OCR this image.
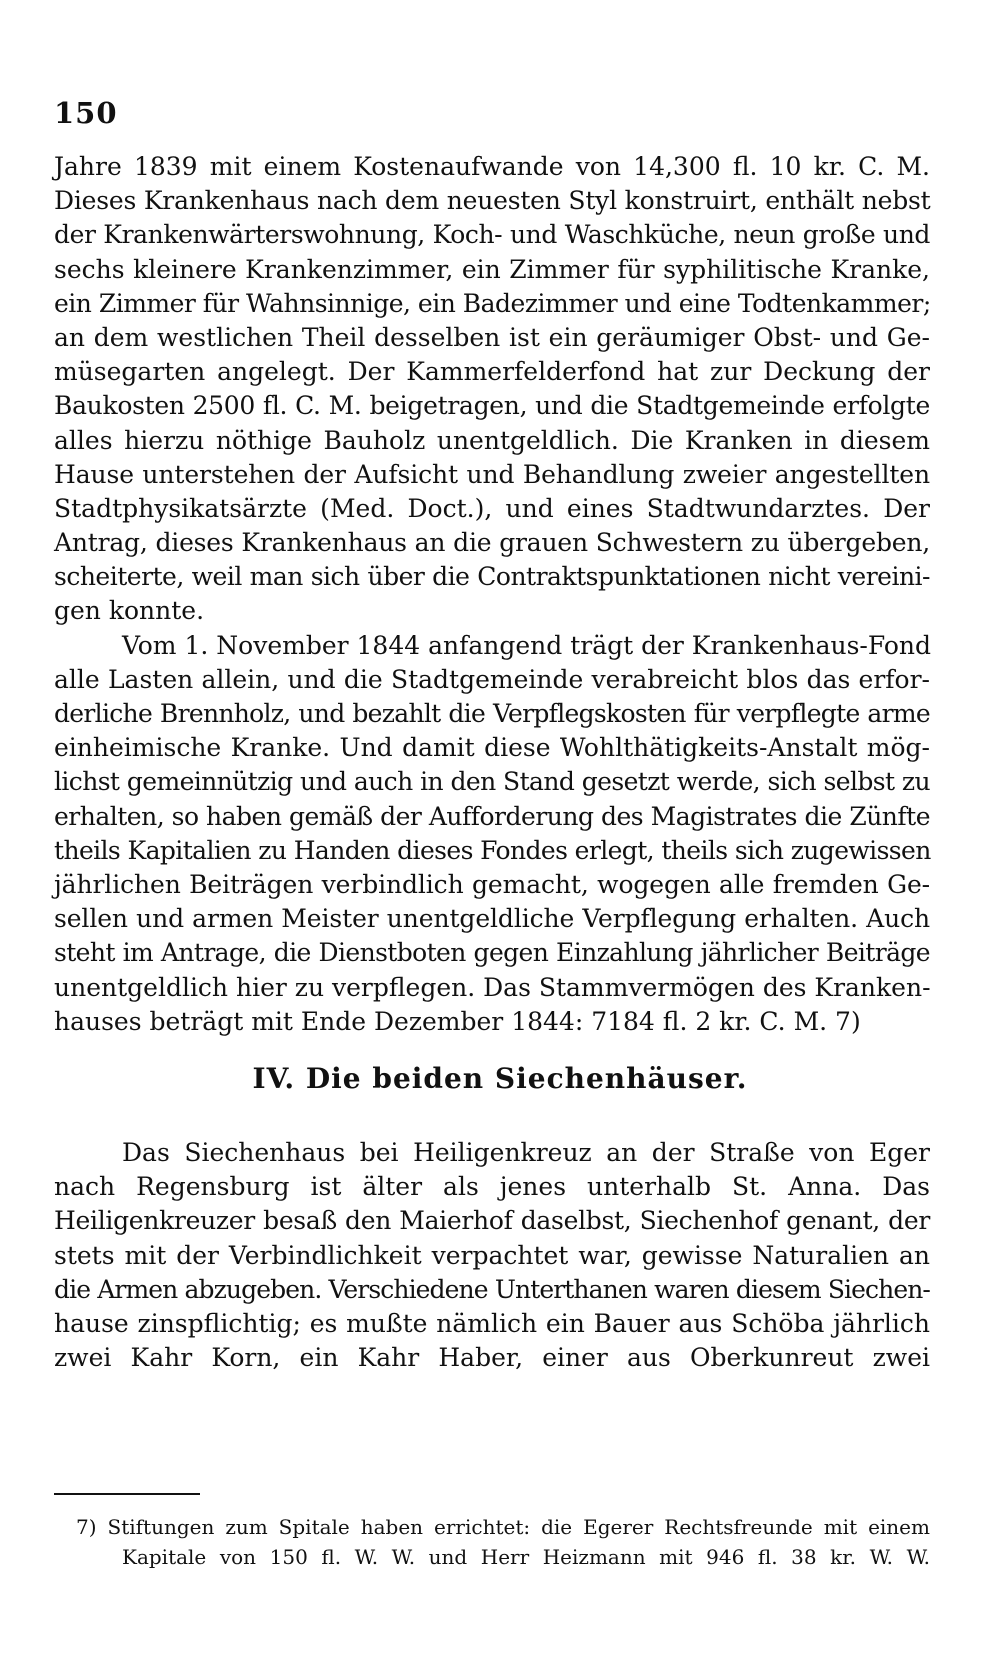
150
Jahre 1839 mit einem Kostenaufwande von 14,300 fl. 10 kr. C. M.
Dieses Krankenhaus nach dem neuesten Styl konstruirt, enthält nebst
der Krankenwärterswohnung, Koch- und Waschküche, neun große und
sechs kleinere Krankenzimmer, ein Zimmer für syphilitische Kranke,
ein Zimmer für Wahnsinnige, ein Badezimmer und eine Todtenkammer;
an dem westlichen Theil desselben ist ein geräumiger Obst- und Ge-
müsegarten angelegt. Der Kammerfelderfond hat zur Deckung der
Baukosten 2500 fl. C. M. beigetragen, und die Stadtgemeinde erfolgte
alles hierzu nöthige Bauholz unentgeldlich. Die Kranken in diesem
Hause unterstehen der Aufsicht und Behandlung zweier angestellten
Stadtphysikatsärzte (Med. Doct.), und eines Stadtwundarztes. Der
Antrag, dieses Krankenhaus an die grauen Schwestern zu übergeben,
scheiterte, weil man sich über die Contraktspunktationen nicht vereini-
gen konnte.
Vom 1. November 1844 anfangend trägt der Krankenhaus-Fond
alle Lasten allein, und die Stadtgemeinde verabreicht blos das erfor-
derliche Brennholz, und bezahlt die Verpflegskosten für verpflegte arme
einheimische Kranke. Und damit diese Wohlthätigkeits-Anstalt mög-
lichst gemeinnützig und auch in den Stand gesetzt werde, sich selbst zu
erhalten, so haben gemäß der Aufforderung des Magistrates die Zünfte
theils Kapitalien zu Handen dieses Fondes erlegt, theils sich zugewissen
jährlichen Beiträgen verbindlich gemacht, wogegen alle fremden Ge-
sellen und armen Meister unentgeldliche Verpflegung erhalten. Auch
steht im Antrage, die Dienstboten gegen Einzahlung jährlicher Beiträge
unentgeldlich hier zu verpflegen. Das Stammvermögen des Kranken-
hauses beträgt mit Ende Dezember 1844: 7184 fl. 2 kr. C. M. 7)
IV. Die beiden Siechenhäuser.
Das Siechenhaus bei Heiligenkreuz an der Straße von Eger
nach Regensburg ist älter als jenes unterhalb St. Anna. Das
Heiligenkreuzer besaß den Maierhof daselbst, Siechenhof genant, der
stets mit der Verbindlichkeit verpachtet war, gewisse Naturalien an
die Armen abzugeben. Verschiedene Unterthanen waren diesem Siechen-
hause zinspflichtig; es mußte nämlich ein Bauer aus Schöba jährlich
zwei Kahr Korn, ein Kahr Haber, einer aus Oberkunreut zwei
7) Stiftungen zum Spitale haben errichtet: die Egerer Rechtsfreunde mit einem
Kapitale von 150 fl. W. W. und Herr Heizmann mit 946 fl. 38 kr. W. W.
